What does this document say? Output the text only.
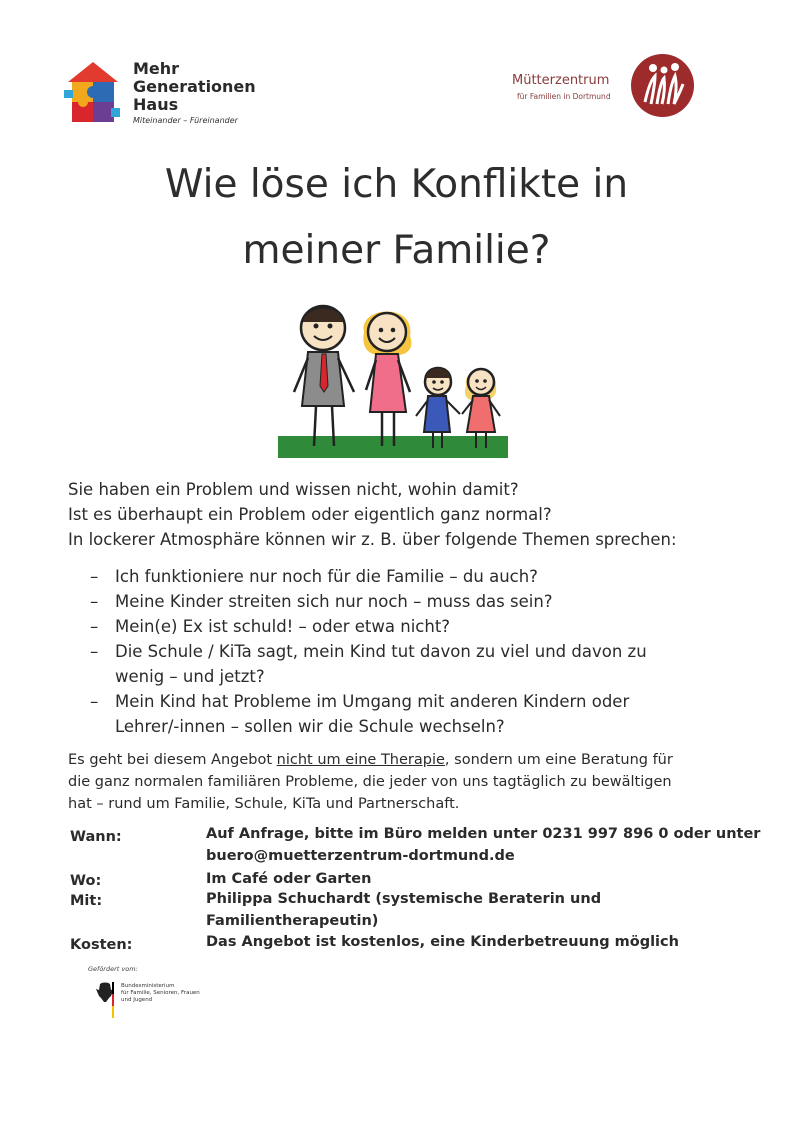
Mehr
Generationen
Haus
Miteinander – Füreinander
Mütterzentrum
für Familien in Dortmund
Wie löse ich Konflikte in
meiner Familie?
Sie haben ein Problem und wissen nicht, wohin damit?
Ist es überhaupt ein Problem oder eigentlich ganz normal?
In lockerer Atmosphäre können wir z. B. über folgende Themen sprechen:
– Ich funktioniere nur noch für die Familie – du auch?
– Meine Kinder streiten sich nur noch – muss das sein?
– Mein(e) Ex ist schuld! – oder etwa nicht?
– Die Schule / KiTa sagt, mein Kind tut davon zu viel und davon zu
wenig – und jetzt?
– Mein Kind hat Probleme im Umgang mit anderen Kindern oder
Lehrer/-innen – sollen wir die Schule wechseln?
Es geht bei diesem Angebot nicht um eine Therapie, sondern um eine Beratung für
die ganz normalen familiären Probleme, die jeder von uns tagtäglich zu bewältigen
hat – rund um Familie, Schule, KiTa und Partnerschaft.
Wann:	Auf Anfrage, bitte im Büro melden unter 0231 997 896 0 oder unter
buero@muetterzentrum-dortmund.de
Wo:	Im Café oder Garten
Mit:	Philippa Schuchardt (systemische Beraterin und
Familientherapeutin)
Kosten:	Das Angebot ist kostenlos, eine Kinderbetreuung möglich
Gefördert vom:
Bundesministerium
für Familie, Senioren, Frauen
und Jugend
